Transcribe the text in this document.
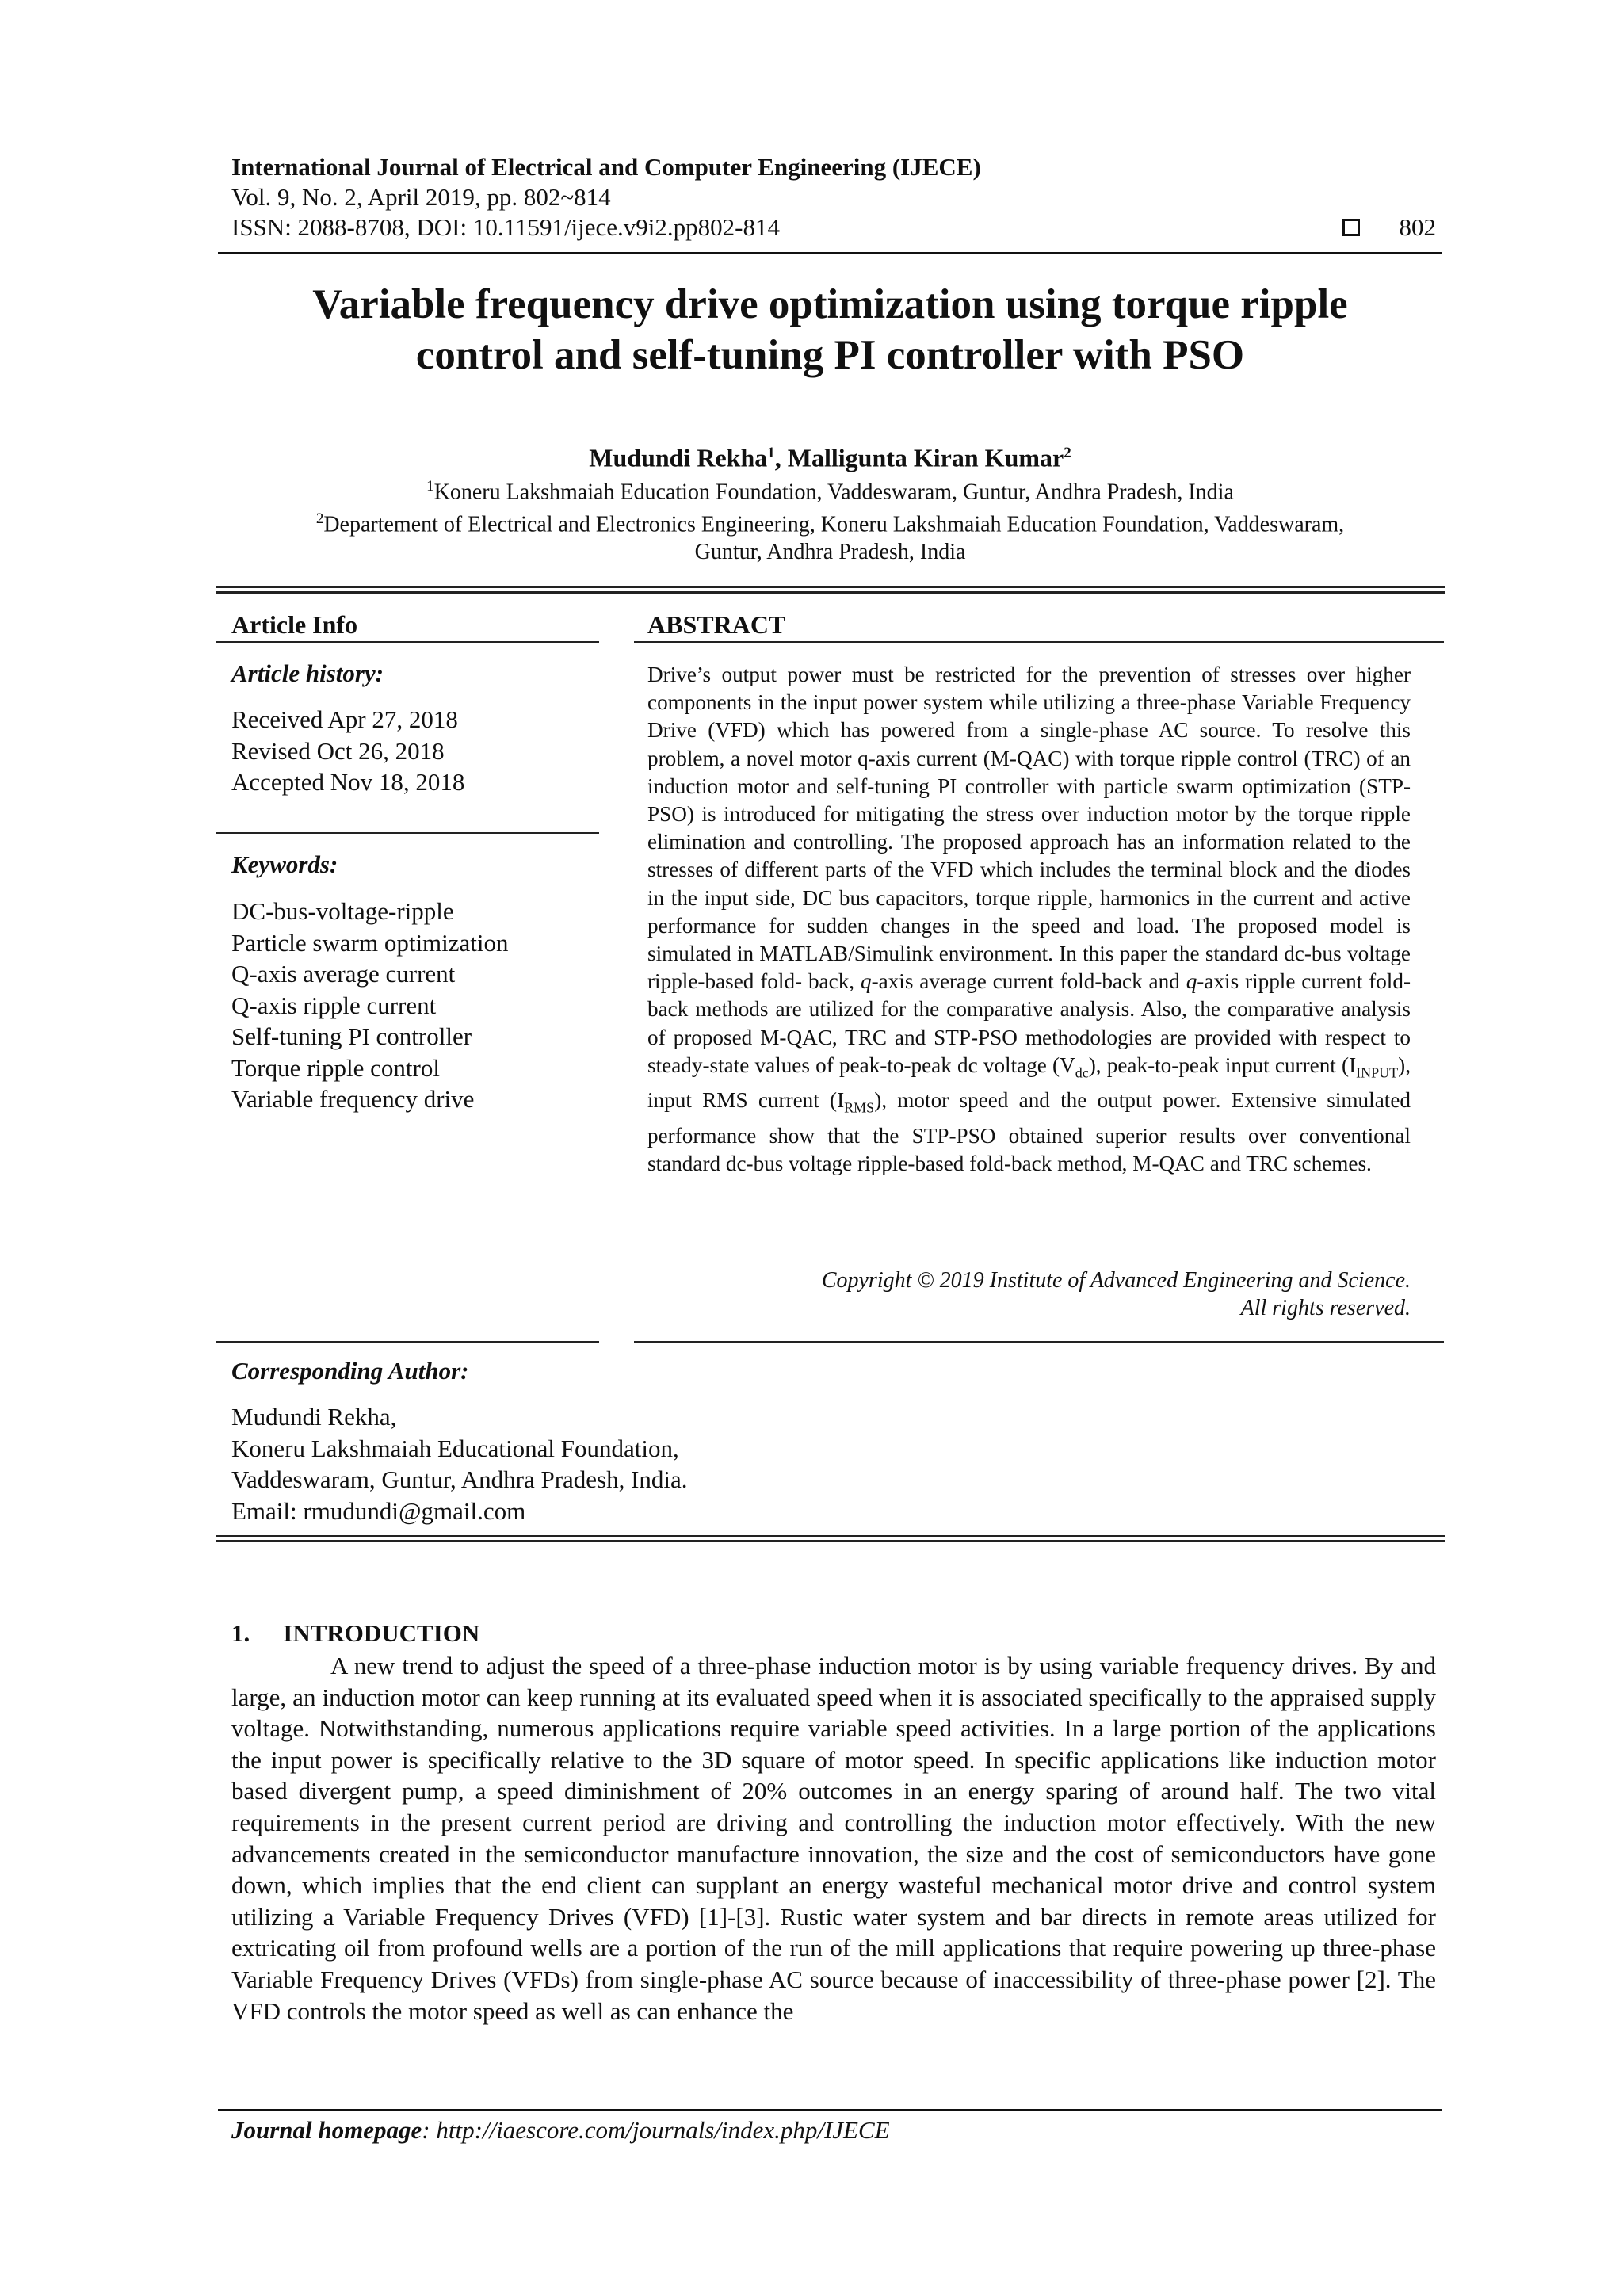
International Journal of Electrical and Computer Engineering (IJECE)
Vol. 9, No. 2, April 2019, pp. 802~814
ISSN: 2088-8708, DOI: 10.11591/ijece.v9i2.pp802-814	802
Variable frequency drive optimization using torque ripple
control and self-tuning PI controller with PSO
Mudundi Rekha$^1$, Malligunta Kiran Kumar$^2$
$^1$Koneru Lakshmaiah Education Foundation, Vaddeswaram, Guntur, Andhra Pradesh, India
$^2$Departement of Electrical and Electronics Engineering, Koneru Lakshmaiah Education Foundation, Vaddeswaram,
Guntur, Andhra Pradesh, India
Article Info
Article history:
Received Apr 27, 2018
Revised Oct 26, 2018
Accepted Nov 18, 2018
Keywords:
DC-bus-voltage-ripple
Particle swarm optimization
Q-axis average current
Q-axis ripple current
Self-tuning PI controller
Torque ripple control
Variable frequency drive
ABSTRACT
Drive’s output power must be restricted for the prevention of stresses over higher components in the input power system while utilizing a three-phase Variable Frequency Drive (VFD) which has powered from a single-phase AC source. To resolve this problem, a novel motor q-axis current (M-QAC) with torque ripple control (TRC) of an induction motor and self-tuning PI controller with particle swarm optimization (STP-PSO) is introduced for mitigating the stress over induction motor by the torque ripple elimination and controlling. The proposed approach has an information related to the stresses of different parts of the VFD which includes the terminal block and the diodes in the input side, DC bus capacitors, torque ripple, harmonics in the current and active performance for sudden changes in the speed and load. The proposed model is simulated in MATLAB/Simulink environment. In this paper the standard dc-bus voltage ripple-based fold- back, q-axis average current fold-back and q-axis ripple current fold-back methods are utilized for the comparative analysis. Also, the comparative analysis of proposed M-QAC, TRC and STP-PSO methodologies are provided with respect to steady-state values of peak-to-peak dc voltage $(V_{dc})$, peak-to-peak input current $(I_{INPUT})$, input RMS current $(I_{RMS})$, motor speed and the output power. Extensive simulated performance show that the STP-PSO obtained superior results over conventional standard dc-bus voltage ripple-based fold-back method, M-QAC and TRC schemes.
Copyright © 2019 Institute of Advanced Engineering and Science.
All rights reserved.
Corresponding Author:
Mudundi Rekha,
Koneru Lakshmaiah Educational Foundation,
Vaddeswaram, Guntur, Andhra Pradesh, India.
Email: rmudundi@gmail.com
1. INTRODUCTION
A new trend to adjust the speed of a three-phase induction motor is by using variable frequency drives. By and large, an induction motor can keep running at its evaluated speed when it is associated specifically to the appraised supply voltage. Notwithstanding, numerous applications require variable speed activities. In a large portion of the applications the input power is specifically relative to the 3D square of motor speed. In specific applications like induction motor based divergent pump, a speed diminishment of 20% outcomes in an energy sparing of around half. The two vital requirements in the present current period are driving and controlling the induction motor effectively. With the new advancements created in the semiconductor manufacture innovation, the size and the cost of semiconductors have gone down, which implies that the end client can supplant an energy wasteful mechanical motor drive and control system utilizing a Variable Frequency Drives (VFD) [1]-[3]. Rustic water system and bar directs in remote areas utilized for extricating oil from profound wells are a portion of the run of the mill applications that require powering up three-phase Variable Frequency Drives (VFDs) from single-phase AC source because of inaccessibility of three-phase power [2]. The VFD controls the motor speed as well as can enhance the
Journal homepage: http://iaescore.com/journals/index.php/IJECE
